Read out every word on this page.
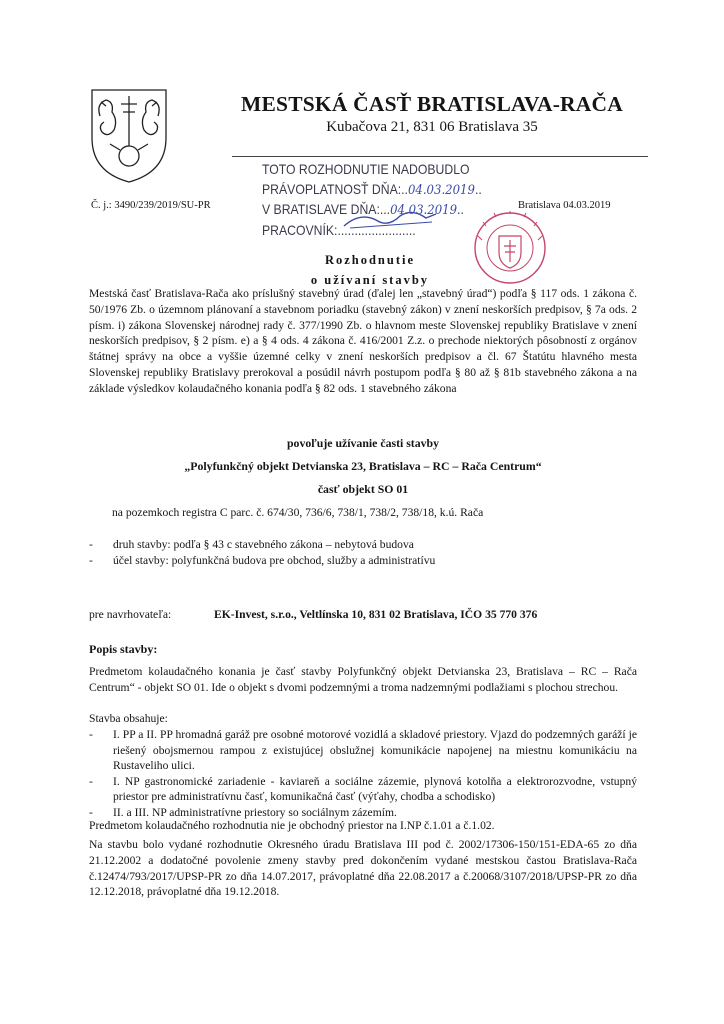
MESTSKÁ ČASŤ BRATISLAVA-RAČA
Kubačova 21, 831 06 Bratislava 35
TOTO ROZHODNUTIE NADOBUDLO
PRÁVOPLATNOSŤ DŇA:..04.03.2019..
V BRATISLAVE DŇA:...04.03.2019..
PRACOVNÍK:.......................
Č. j.: 3490/239/2019/SU-PR	Bratislava 04.03.2019
Rozhodnutie
o užívaní stavby
Mestská časť Bratislava-Rača ako príslušný stavebný úrad (ďalej len „stavebný úrad“) podľa § 117 ods. 1 zákona č. 50/1976 Zb. o územnom plánovaní a stavebnom poriadku (stavebný zákon) v znení neskorších predpisov, § 7a ods. 2 písm. i) zákona Slovenskej národnej rady č. 377/1990 Zb. o hlavnom meste Slovenskej republiky Bratislave v znení neskorších predpisov, § 2 písm. e) a § 4 ods. 4 zákona č. 416/2001 Z.z. o prechode niektorých pôsobností z orgánov štátnej správy na obce a vyššie územné celky v znení neskorších predpisov a čl. 67 Štatútu hlavného mesta Slovenskej republiky Bratislavy prerokoval a posúdil návrh postupom podľa § 80 až § 81b stavebného zákona a na základe výsledkov kolaudačného konania podľa § 82 ods. 1 stavebného zákona
povoľuje užívanie časti stavby
„Polyfunkčný objekt Detvianska 23, Bratislava – RC – Rača Centrum“
časť objekt SO 01
na pozemkoch registra C parc. č. 674/30, 736/6, 738/1, 738/2, 738/18, k.ú. Rača
-	druh stavby: podľa § 43 c stavebného zákona – nebytová budova
-	účel stavby: polyfunkčná budova pre obchod, služby a administratívu
pre navrhovateľa:	EK-Invest, s.r.o., Veltlínska 10, 831 02 Bratislava, IČO 35 770 376
Popis stavby:
Predmetom kolaudačného konania je časť stavby Polyfunkčný objekt Detvianska 23, Bratislava – RC – Rača Centrum“ - objekt SO 01. Ide o objekt s dvomi podzemnými a troma nadzemnými podlažiami s plochou strechou.
Stavba obsahuje:
-	I. PP a II. PP hromadná garáž pre osobné motorové vozidlá a skladové priestory. Vjazd do podzemných garáží je riešený obojsmernou rampou z existujúcej obslužnej komunikácie napojenej na miestnu komunikáciu na Rustaveliho ulici.
-	I. NP gastronomické zariadenie - kaviareň a sociálne zázemie, plynová kotolňa a elektrorozvodne, vstupný priestor pre administratívnu časť, komunikačná časť (výťahy, chodba a schodisko)
-	II. a III. NP administratívne priestory so sociálnym zázemím.
Predmetom kolaudačného rozhodnutia nie je obchodný priestor na I.NP č.1.01 a č.1.02.
Na stavbu bolo vydané rozhodnutie Okresného úradu Bratislava III pod č. 2002/17306-150/151-EDA-65 zo dňa 21.12.2002 a dodatočné povolenie zmeny stavby pred dokončením vydané mestskou častou Bratislava-Rača č.12474/793/2017/UPSP-PR zo dňa 14.07.2017, právoplatné dňa 22.08.2017 a č.20068/3107/2018/UPSP-PR zo dňa 12.12.2018, právoplatné dňa 19.12.2018.
